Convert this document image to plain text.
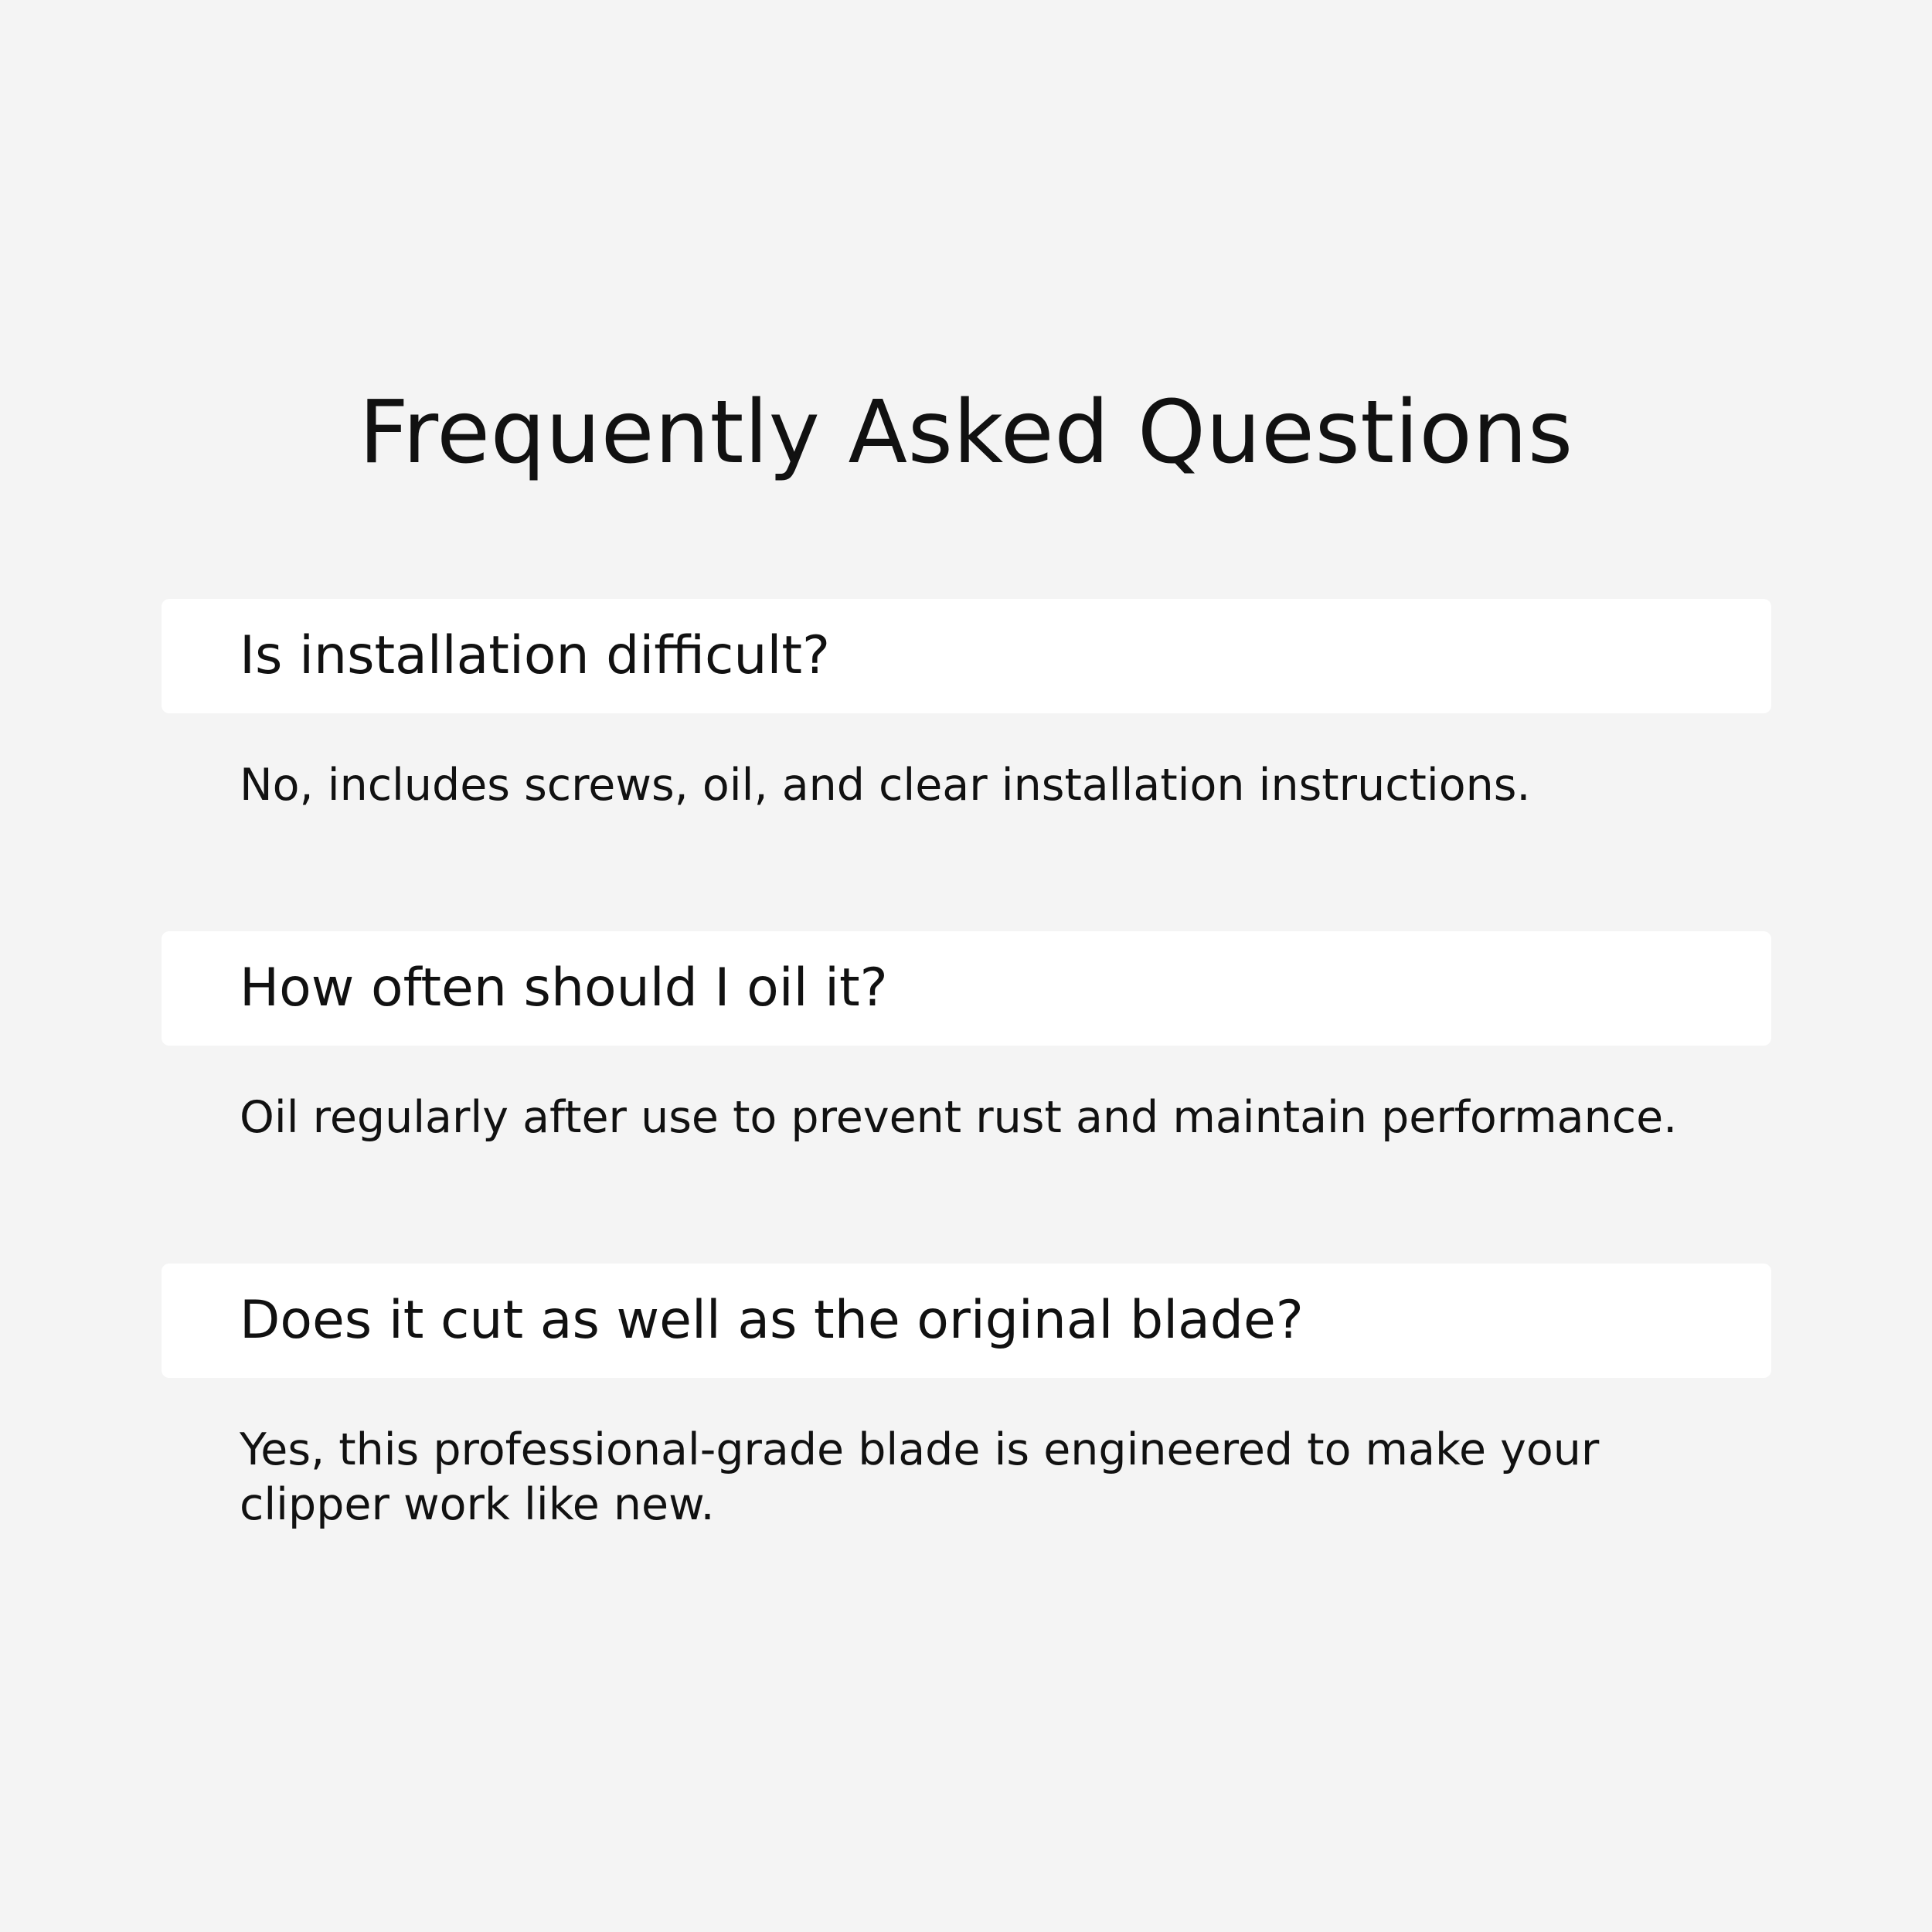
Frequently Asked Questions
Is installation difficult?
No, includes screws, oil, and clear installation instructions.
How often should I oil it?
Oil regularly after use to prevent rust and maintain performance.
Does it cut as well as the original blade?
Yes, this professional-grade blade is engineered to make your clipper work like new.
